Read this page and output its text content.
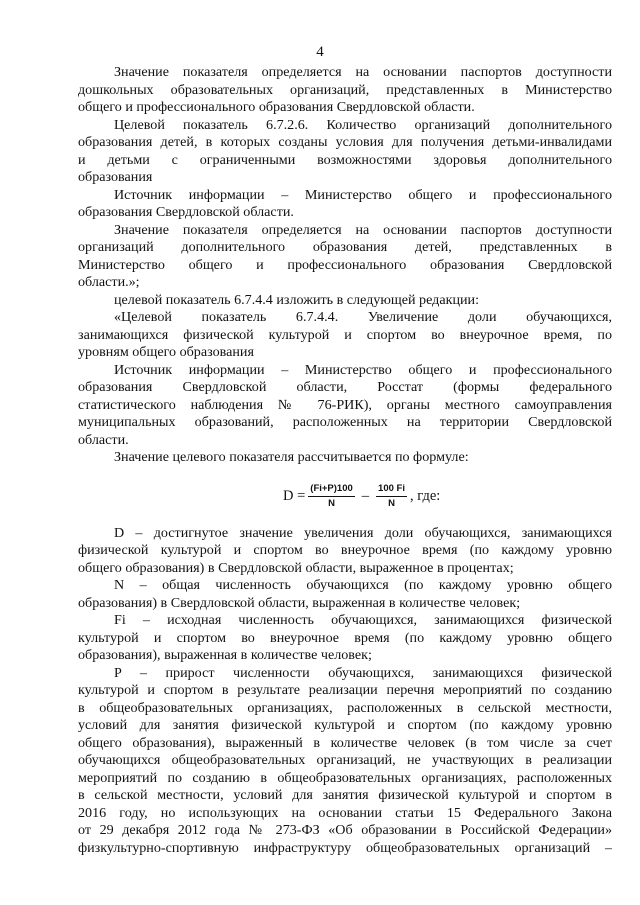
4
Значение показателя определяется на основании паспортов доступности
дошкольных образовательных организаций, представленных в Министерство
общего и профессионального образования Свердловской области.
Целевой показатель 6.7.2.6. Количество организаций дополнительного
образования детей, в которых созданы условия для получения детьми-инвалидами
и детьми с ограниченными возможностями здоровья дополнительного
образования
Источник информации – Министерство общего и профессионального
образования Свердловской области.
Значение показателя определяется на основании паспортов доступности
организаций дополнительного образования детей, представленных в
Министерство общего и профессионального образования Свердловской
области.»;
целевой показатель 6.7.4.4 изложить в следующей редакции:
«Целевой показатель 6.7.4.4. Увеличение доли обучающихся,
занимающихся физической культурой и спортом во внеурочное время, по
уровням общего образования
Источник информации – Министерство общего и профессионального
образования Свердловской области, Росстат (формы федерального
статистического наблюдения № 76-РИК), органы местного самоуправления
муниципальных образований, расположенных на территории Свердловской
области.
Значение целевого показателя рассчитывается по формуле:
$D = \frac{(Fi+P)100}{N} - \frac{100 Fi}{N}$ , где:
D – достигнутое значение увеличения доли обучающихся, занимающихся
физической культурой и спортом во внеурочное время (по каждому уровню
общего образования) в Свердловской области, выраженное в процентах;
N – общая численность обучающихся (по каждому уровню общего
образования) в Свердловской области, выраженная в количестве человек;
Fi – исходная численность обучающихся, занимающихся физической
культурой и спортом во внеурочное время (по каждому уровню общего
образования), выраженная в количестве человек;
P – прирост численности обучающихся, занимающихся физической
культурой и спортом в результате реализации перечня мероприятий по созданию
в общеобразовательных организациях, расположенных в сельской местности,
условий для занятия физической культурой и спортом (по каждому уровню
общего образования), выраженный в количестве человек (в том числе за счет
обучающихся общеобразовательных организаций, не участвующих в реализации
мероприятий по созданию в общеобразовательных организациях, расположенных
в сельской местности, условий для занятия физической культурой и спортом в
2016 году, но использующих на основании статьи 15 Федерального Закона
от 29 декабря 2012 года № 273-ФЗ «Об образовании в Российской Федерации»
физкультурно-спортивную инфраструктуру общеобразовательных организаций –
